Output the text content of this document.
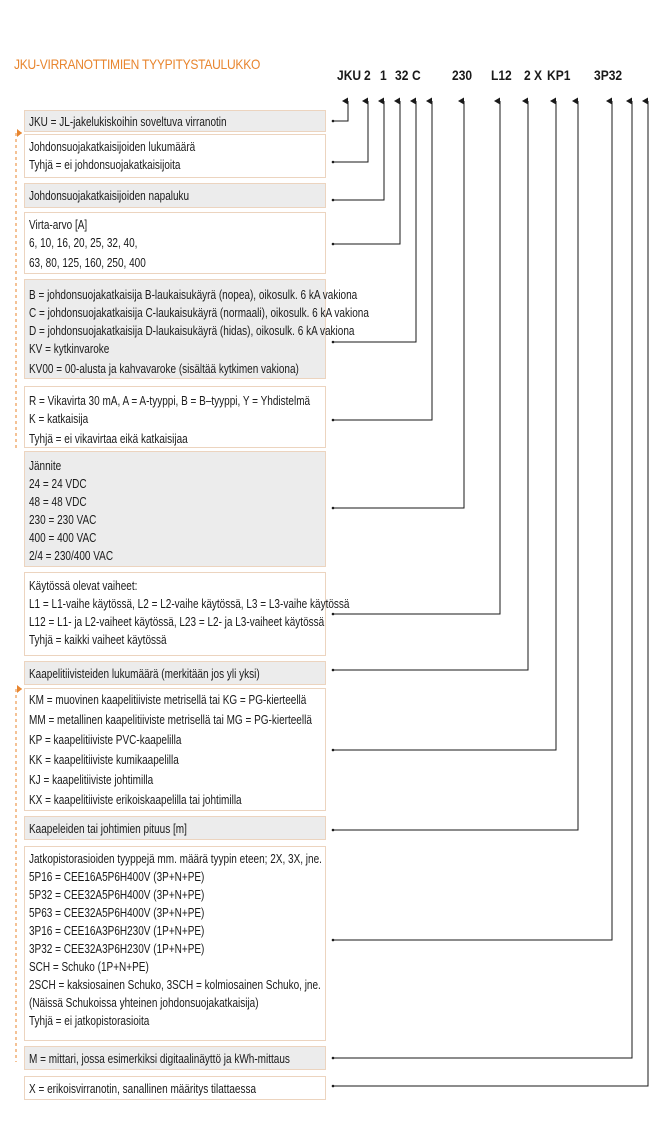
JKU-VIRRANOTTIMIEN TYYPITYSTAULUKKO
JKU 2 1 32 C 230 L12 2 X KP1 3P32
JKU = JL-jakelukiskoihin soveltuva virranotin
Johdonsuojakatkaisijoiden lukumäärä
Tyhjä = ei johdonsuojakatkaisijoita
Johdonsuojakatkaisijoiden napaluku
Virta-arvo [A]
6, 10, 16, 20, 25, 32, 40,
63, 80, 125, 160, 250, 400
B = johdonsuojakatkaisija B-laukaisukäyrä (nopea), oikosulk. 6 kA vakiona
C = johdonsuojakatkaisija C-laukaisukäyrä (normaali), oikosulk. 6 kA vakiona
D = johdonsuojakatkaisija D-laukaisukäyrä (hidas), oikosulk. 6 kA vakiona
KV = kytkinvaroke
KV00 = 00-alusta ja kahvavaroke (sisältää kytkimen vakiona)
R = Vikavirta 30 mA, A = A-tyyppi, B = B–tyyppi, Y = Yhdistelmä
K = katkaisija
Tyhjä = ei vikavirtaa eikä katkaisijaa
Jännite
24 = 24 VDC
48 = 48 VDC
230 = 230 VAC
400 = 400 VAC
2/4 = 230/400 VAC
Käytössä olevat vaiheet:
L1 = L1-vaihe käytössä, L2 = L2-vaihe käytössä, L3 = L3-vaihe käytössä
L12 = L1- ja L2-vaiheet käytössä, L23 = L2- ja L3-vaiheet käytössä
Tyhjä = kaikki vaiheet käytössä
Kaapelitiivisteiden lukumäärä (merkitään jos yli yksi)
KM = muovinen kaapelitiiviste metrisellä tai KG = PG-kierteellä
MM = metallinen kaapelitiiviste metrisellä tai MG = PG-kierteellä
KP = kaapelitiiviste PVC-kaapelilla
KK = kaapelitiiviste kumikaapelilla
KJ = kaapelitiiviste johtimilla
KX = kaapelitiiviste erikoiskaapelilla tai johtimilla
Kaapeleiden tai johtimien pituus [m]
Jatkopistorasioiden tyyppejä mm. määrä tyypin eteen; 2X, 3X, jne.
5P16 = CEE16A5P6H400V (3P+N+PE)
5P32 = CEE32A5P6H400V (3P+N+PE)
5P63 = CEE32A5P6H400V (3P+N+PE)
3P16 = CEE16A3P6H230V (1P+N+PE)
3P32 = CEE32A3P6H230V (1P+N+PE)
SCH = Schuko (1P+N+PE)
2SCH = kaksiosainen Schuko, 3SCH = kolmiosainen Schuko, jne.
(Näissä Schukoissa yhteinen johdonsuojakatkaisija)
Tyhjä = ei jatkopistorasioita
M = mittari, jossa esimerkiksi digitaalinäyttö ja kWh-mittaus
X = erikoisvirranotin, sanallinen määritys tilattaessa
